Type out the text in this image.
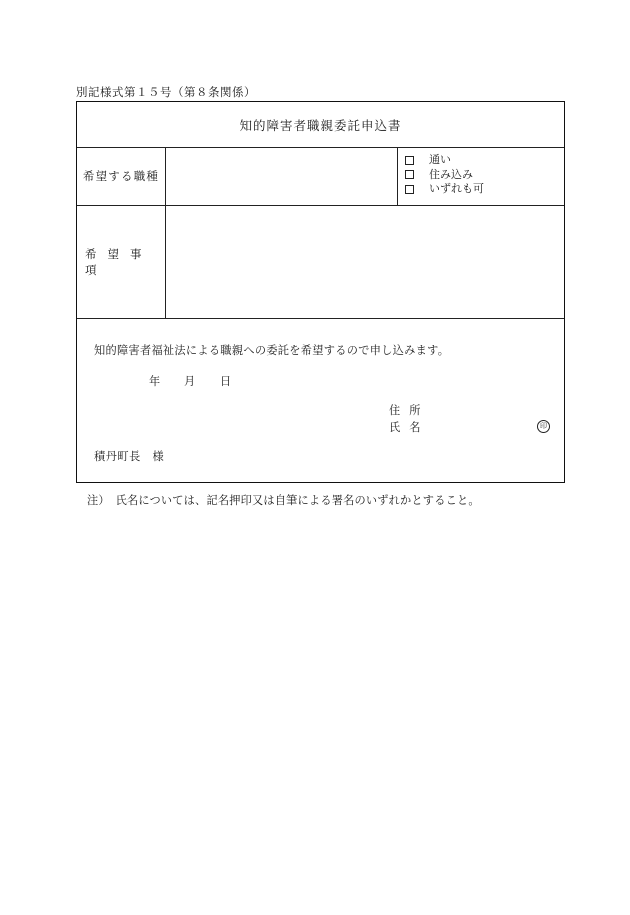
別記様式第１５号（第８条関係）
知的障害者職親委託申込書
希望する職種
通い
住み込み
いずれも可
希望事項
知的障害者福祉法による職親への委託を希望するので申し込みます。
年 月 日
住所
氏名	印
積丹町長　様
注）　氏名については、記名押印又は自筆による署名のいずれかとすること。
